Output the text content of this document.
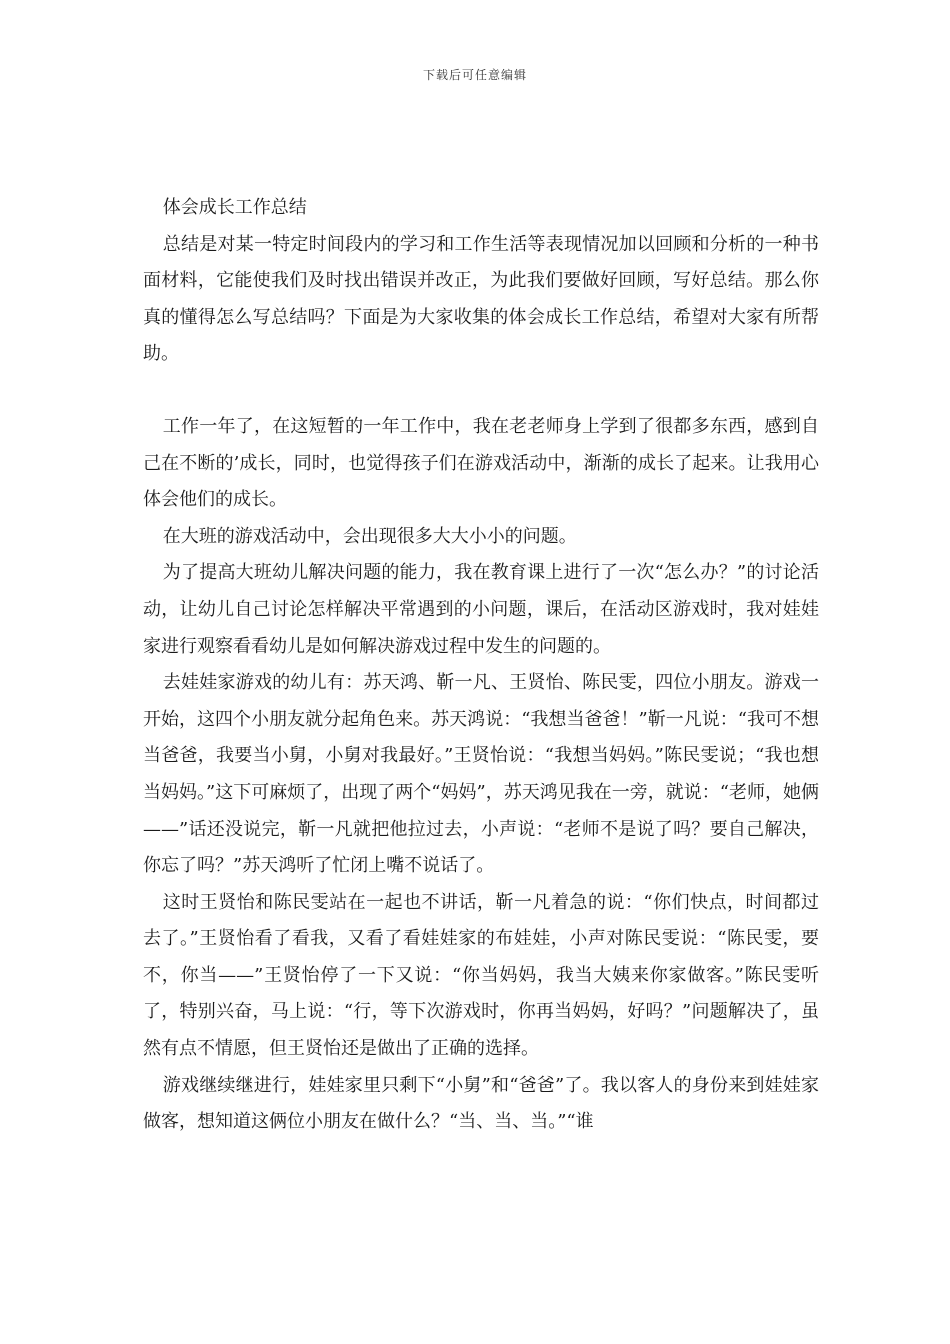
下载后可任意编辑

体会成长工作总结

总结是对某一特定时间段内的学习和工作生活等表现情况加以回顾和分析的一种书面材料，它能使我们及时找出错误并改正，为此我们要做好回顾，写好总结。那么你真的懂得怎么写总结吗？下面是为大家收集的体会成长工作总结，希望对大家有所帮助。

工作一年了，在这短暂的一年工作中，我在老老师身上学到了很都多东西，感到自己在不断的’成长，同时，也觉得孩子们在游戏活动中，渐渐的成长了起来。让我用心体会他们的成长。

在大班的游戏活动中，会出现很多大大小小的问题。

为了提高大班幼儿解决问题的能力，我在教育课上进行了一次“怎么办？”的讨论活动，让幼儿自己讨论怎样解决平常遇到的小问题，课后，在活动区游戏时，我对娃娃家进行观察看看幼儿是如何解决游戏过程中发生的问题的。

去娃娃家游戏的幼儿有：苏天鸿、靳一凡、王贤怡、陈民雯，四位小朋友。游戏一开始，这四个小朋友就分起角色来。苏天鸿说：“我想当爸爸！”靳一凡说：“我可不想当爸爸，我要当小舅，小舅对我最好。”王贤怡说：“我想当妈妈。”陈民雯说；“我也想当妈妈。”这下可麻烦了，出现了两个“妈妈”，苏天鸿见我在一旁，就说：“老师，她俩——”话还没说完，靳一凡就把他拉过去，小声说：“老师不是说了吗？要自己解决，你忘了吗？”苏天鸿听了忙闭上嘴不说话了。

这时王贤怡和陈民雯站在一起也不讲话，靳一凡着急的说：“你们快点，时间都过去了。”王贤怡看了看我，又看了看娃娃家的布娃娃，小声对陈民雯说：“陈民雯，要不，你当——”王贤怡停了一下又说：“你当妈妈，我当大姨来你家做客。”陈民雯听了，特别兴奋，马上说：“行，等下次游戏时，你再当妈妈，好吗？”问题解决了，虽然有点不情愿，但王贤怡还是做出了正确的选择。

游戏继续继进行，娃娃家里只剩下“小舅”和“爸爸”了。我以客人的身份来到娃娃家做客，想知道这俩位小朋友在做什么？“当、当、当。”“谁
